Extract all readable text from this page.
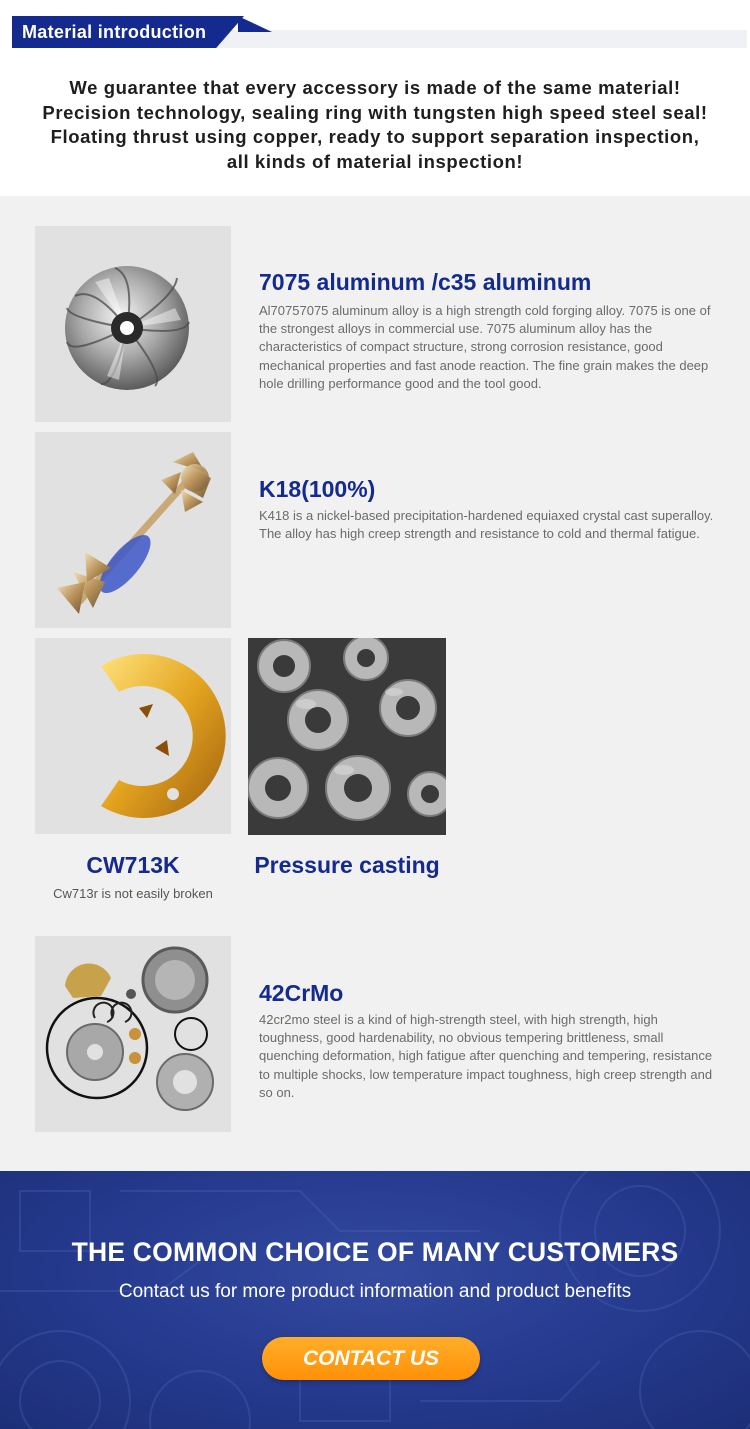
Material introduction

We guarantee that every accessory is made of the same material! Precision technology, sealing ring with tungsten high speed steel seal! Floating thrust using copper, ready to support separation inspection, all kinds of material inspection!

7075 aluminum /c35 aluminum

Al70757075 aluminum alloy is a high strength cold forging alloy. 7075 is one of the strongest alloys in commercial use. 7075 aluminum alloy has the characteristics of compact structure, strong corrosion resistance, good mechanical properties and fast anode reaction. The fine grain makes the deep hole drilling performance good and the tool good.

K18(100%)

K418 is a nickel-based precipitation-hardened equiaxed crystal cast superalloy. The alloy has high creep strength and resistance to cold and thermal fatigue.

CW713K
Cw713r is not easily broken
Pressure casting
42CrMo

42cr2mo steel is a kind of high-strength steel, with high strength, high toughness, good hardenability, no obvious tempering brittleness, small quenching deformation, high fatigue after quenching and tempering, resistance to multiple shocks, low temperature impact toughness, high creep strength and so on.

THE COMMON CHOICE OF MANY CUSTOMERS
Contact us for more product information and product benefits
CONTACT US
